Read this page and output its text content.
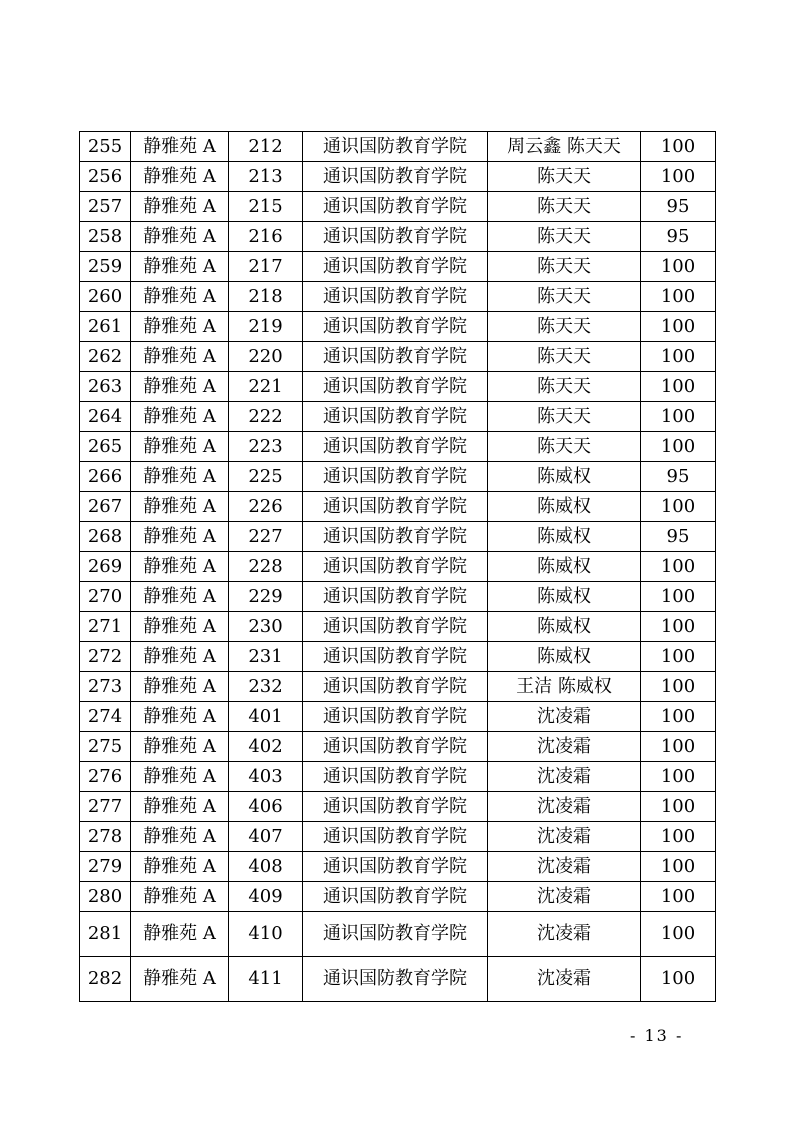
255	静雅苑 A	212	通识国防教育学院	周云鑫 陈天天	100
256	静雅苑 A	213	通识国防教育学院	陈天天	100
257	静雅苑 A	215	通识国防教育学院	陈天天	95
258	静雅苑 A	216	通识国防教育学院	陈天天	95
259	静雅苑 A	217	通识国防教育学院	陈天天	100
260	静雅苑 A	218	通识国防教育学院	陈天天	100
261	静雅苑 A	219	通识国防教育学院	陈天天	100
262	静雅苑 A	220	通识国防教育学院	陈天天	100
263	静雅苑 A	221	通识国防教育学院	陈天天	100
264	静雅苑 A	222	通识国防教育学院	陈天天	100
265	静雅苑 A	223	通识国防教育学院	陈天天	100
266	静雅苑 A	225	通识国防教育学院	陈威权	95
267	静雅苑 A	226	通识国防教育学院	陈威权	100
268	静雅苑 A	227	通识国防教育学院	陈威权	95
269	静雅苑 A	228	通识国防教育学院	陈威权	100
270	静雅苑 A	229	通识国防教育学院	陈威权	100
271	静雅苑 A	230	通识国防教育学院	陈威权	100
272	静雅苑 A	231	通识国防教育学院	陈威权	100
273	静雅苑 A	232	通识国防教育学院	王洁 陈威权	100
274	静雅苑 A	401	通识国防教育学院	沈凌霜	100
275	静雅苑 A	402	通识国防教育学院	沈凌霜	100
276	静雅苑 A	403	通识国防教育学院	沈凌霜	100
277	静雅苑 A	406	通识国防教育学院	沈凌霜	100
278	静雅苑 A	407	通识国防教育学院	沈凌霜	100
279	静雅苑 A	408	通识国防教育学院	沈凌霜	100
280	静雅苑 A	409	通识国防教育学院	沈凌霜	100
281	静雅苑 A	410	通识国防教育学院	沈凌霜	100
282	静雅苑 A	411	通识国防教育学院	沈凌霜	100
- 13 -
